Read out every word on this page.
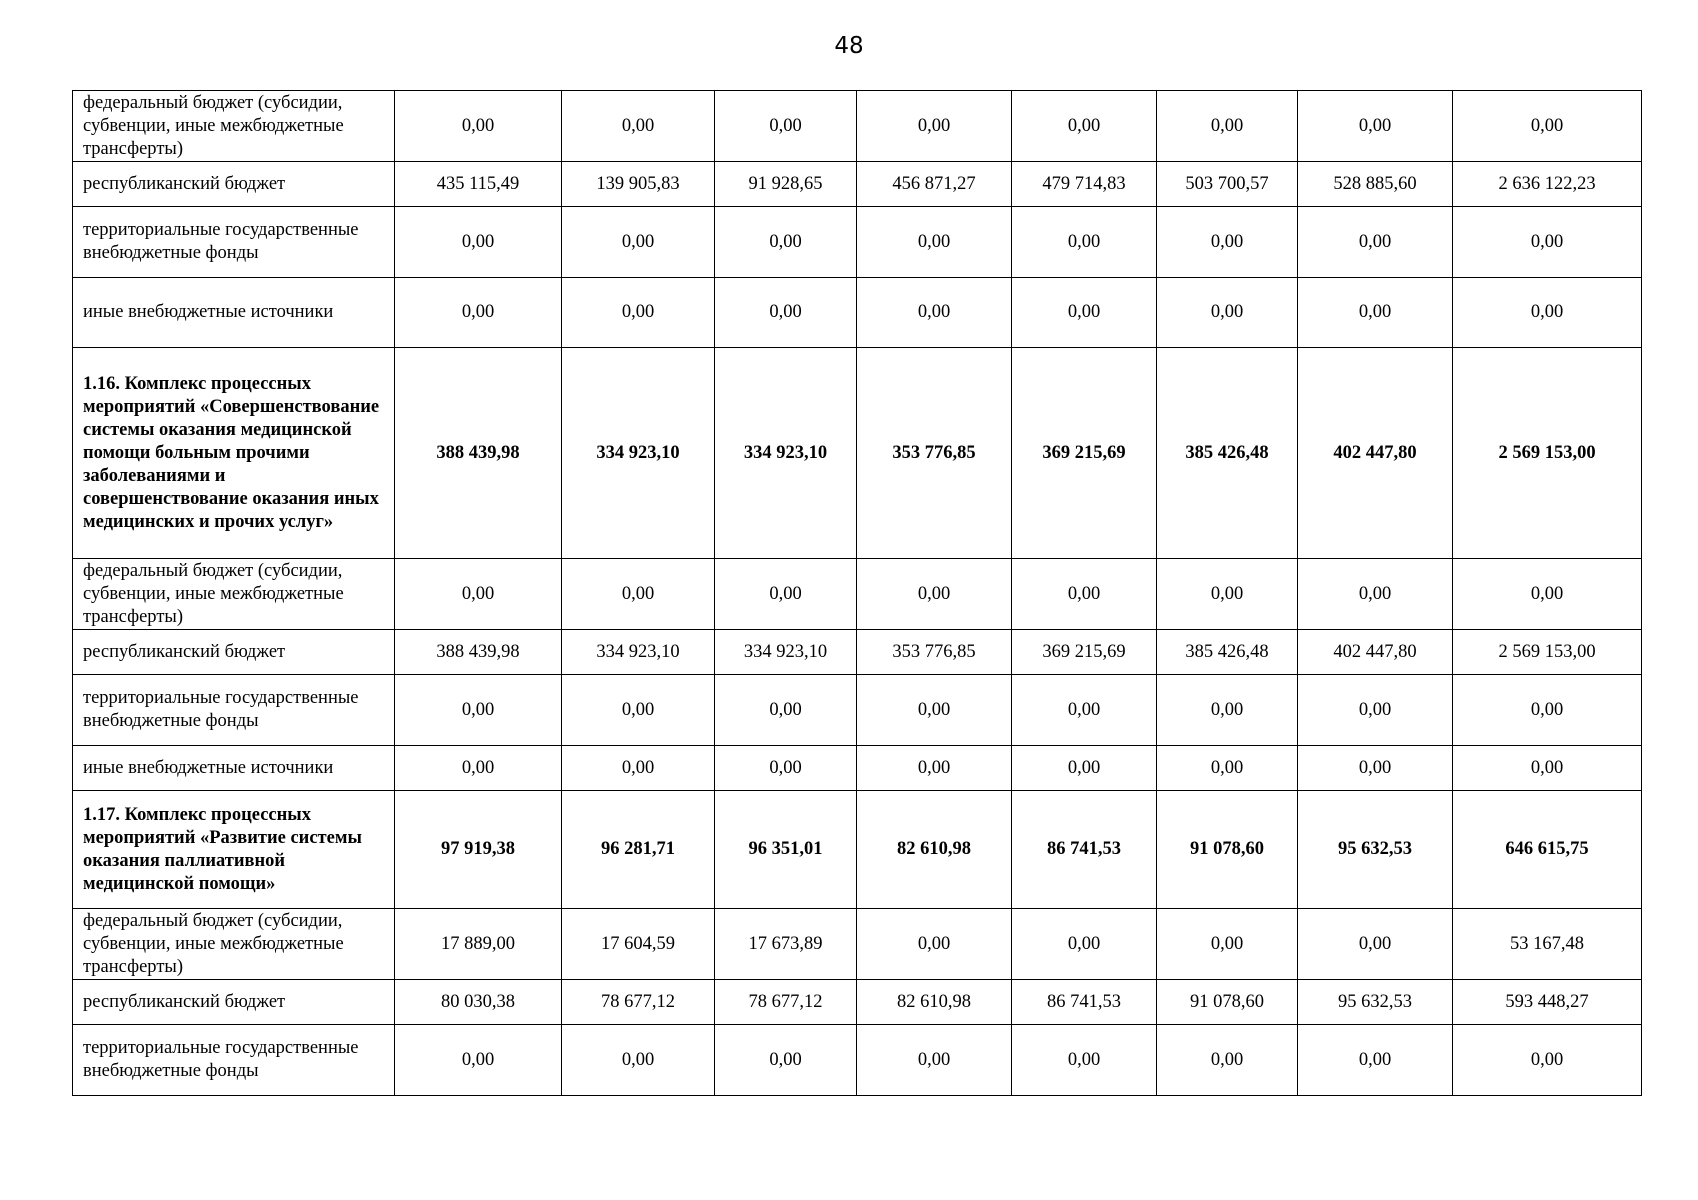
48
федеральный бюджет (субсидии, субвенции, иные межбюджетные трансферты)	0,00	0,00	0,00	0,00	0,00	0,00	0,00	0,00
республиканский бюджет	435 115,49	139 905,83	91 928,65	456 871,27	479 714,83	503 700,57	528 885,60	2 636 122,23
территориальные государственные внебюджетные фонды	0,00	0,00	0,00	0,00	0,00	0,00	0,00	0,00
иные внебюджетные источники	0,00	0,00	0,00	0,00	0,00	0,00	0,00	0,00
1.16. Комплекс процессных мероприятий «Совершенствование системы оказания медицинской помощи больным прочими заболеваниями и совершенствование оказания иных медицинских и прочих услуг»	388 439,98	334 923,10	334 923,10	353 776,85	369 215,69	385 426,48	402 447,80	2 569 153,00
федеральный бюджет (субсидии, субвенции, иные межбюджетные трансферты)	0,00	0,00	0,00	0,00	0,00	0,00	0,00	0,00
республиканский бюджет	388 439,98	334 923,10	334 923,10	353 776,85	369 215,69	385 426,48	402 447,80	2 569 153,00
территориальные государственные внебюджетные фонды	0,00	0,00	0,00	0,00	0,00	0,00	0,00	0,00
иные внебюджетные источники	0,00	0,00	0,00	0,00	0,00	0,00	0,00	0,00
1.17. Комплекс процессных мероприятий «Развитие системы оказания паллиативной медицинской помощи»	97 919,38	96 281,71	96 351,01	82 610,98	86 741,53	91 078,60	95 632,53	646 615,75
федеральный бюджет (субсидии, субвенции, иные межбюджетные трансферты)	17 889,00	17 604,59	17 673,89	0,00	0,00	0,00	0,00	53 167,48
республиканский бюджет	80 030,38	78 677,12	78 677,12	82 610,98	86 741,53	91 078,60	95 632,53	593 448,27
территориальные государственные внебюджетные фонды	0,00	0,00	0,00	0,00	0,00	0,00	0,00	0,00
